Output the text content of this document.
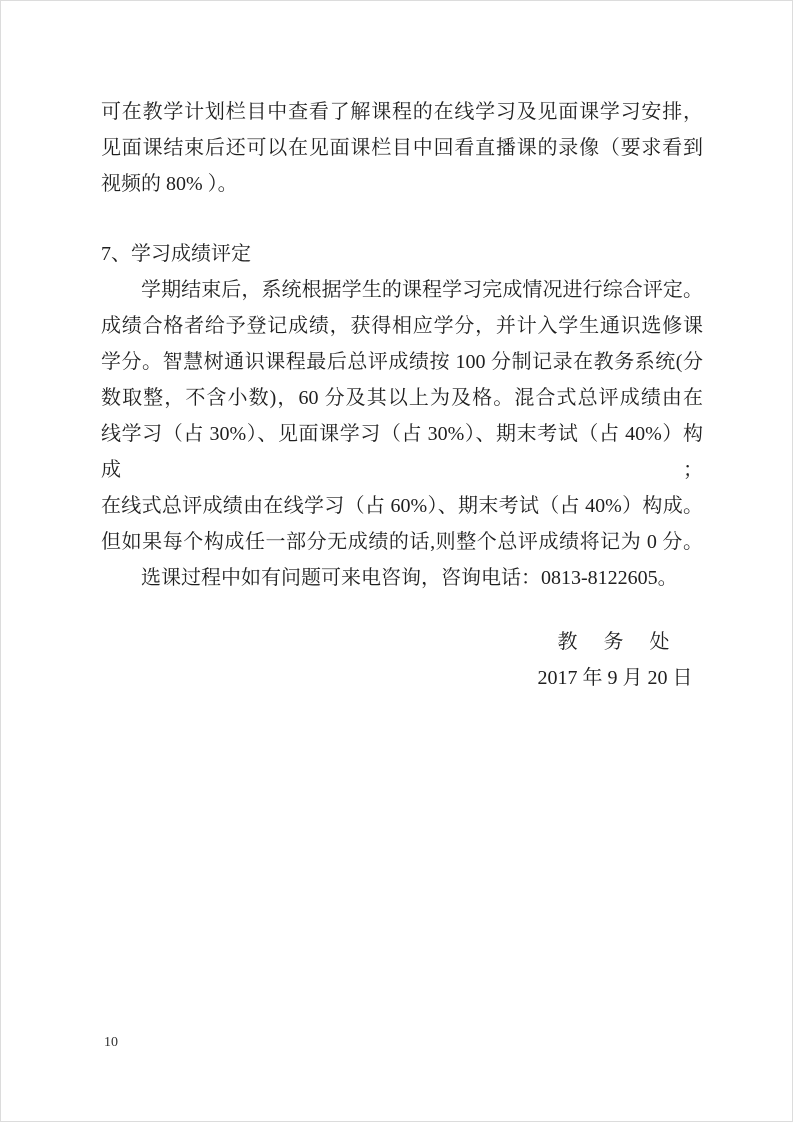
可在教学计划栏目中查看了解课程的在线学习及见面课学习安排，
见面课结束后还可以在见面课栏目中回看直播课的录像（要求看到
视频的 80% ）。
7、学习成绩评定
学期结束后，系统根据学生的课程学习完成情况进行综合评定。
成绩合格者给予登记成绩，获得相应学分，并计入学生通识选修课
学分。智慧树通识课程最后总评成绩按 100 分制记录在教务系统(分
数取整，不含小数)，60 分及其以上为及格。混合式总评成绩由在
线学习（占 30%）、见面课学习（占 30%）、期末考试（占 40%）构成；
在线式总评成绩由在线学习（占 60%）、期末考试（占 40%）构成。
但如果每个构成任一部分无成绩的话,则整个总评成绩将记为 0 分。
选课过程中如有问题可来电咨询，咨询电话：0813-8122605。
教　务　处
2017 年 9 月 20 日
10
